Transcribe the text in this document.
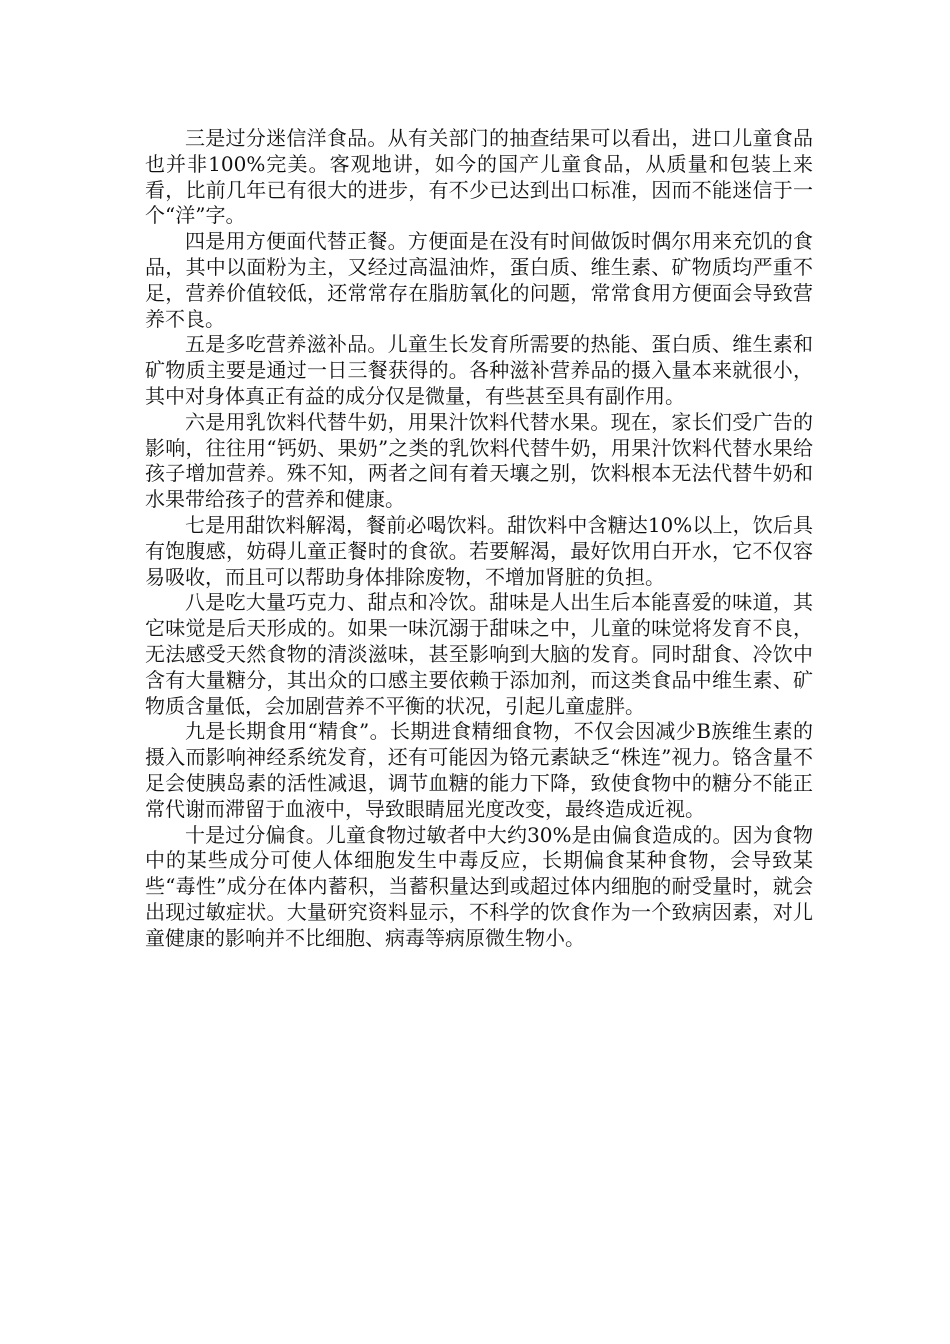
三是过分迷信洋食品。从有关部门的抽查结果可以看出，进口儿童食品也并非100%完美。客观地讲，如今的国产儿童食品，从质量和包装上来看，比前几年已有很大的进步，有不少已达到出口标准，因而不能迷信于一个“洋”字。

四是用方便面代替正餐。方便面是在没有时间做饭时偶尔用来充饥的食品，其中以面粉为主，又经过高温油炸，蛋白质、维生素、矿物质均严重不足，营养价值较低，还常常存在脂肪氧化的问题，常常食用方便面会导致营养不良。

五是多吃营养滋补品。儿童生长发育所需要的热能、蛋白质、维生素和矿物质主要是通过一日三餐获得的。各种滋补营养品的摄入量本来就很小，其中对身体真正有益的成分仅是微量，有些甚至具有副作用。

六是用乳饮料代替牛奶，用果汁饮料代替水果。现在，家长们受广告的影响，往往用“钙奶、果奶”之类的乳饮料代替牛奶，用果汁饮料代替水果给孩子增加营养。殊不知，两者之间有着天壤之别，饮料根本无法代替牛奶和水果带给孩子的营养和健康。

七是用甜饮料解渴，餐前必喝饮料。甜饮料中含糖达10%以上，饮后具有饱腹感，妨碍儿童正餐时的食欲。若要解渴，最好饮用白开水，它不仅容易吸收，而且可以帮助身体排除废物，不增加肾脏的负担。

八是吃大量巧克力、甜点和冷饮。甜味是人出生后本能喜爱的味道，其它味觉是后天形成的。如果一味沉溺于甜味之中，儿童的味觉将发育不良，无法感受天然食物的清淡滋味，甚至影响到大脑的发育。同时甜食、冷饮中含有大量糖分，其出众的口感主要依赖于添加剂，而这类食品中维生素、矿物质含量低，会加剧营养不平衡的状况，引起儿童虚胖。

九是长期食用“精食”。长期进食精细食物，不仅会因减少B族维生素的摄入而影响神经系统发育，还有可能因为铬元素缺乏“株连”视力。铬含量不足会使胰岛素的活性减退，调节血糖的能力下降，致使食物中的糖分不能正常代谢而滞留于血液中，导致眼睛屈光度改变，最终造成近视。

十是过分偏食。儿童食物过敏者中大约30%是由偏食造成的。因为食物中的某些成分可使人体细胞发生中毒反应，长期偏食某种食物，会导致某些“毒性”成分在体内蓄积，当蓄积量达到或超过体内细胞的耐受量时，就会出现过敏症状。大量研究资料显示，不科学的饮食作为一个致病因素，对儿童健康的影响并不比细胞、病毒等病原微生物小。
